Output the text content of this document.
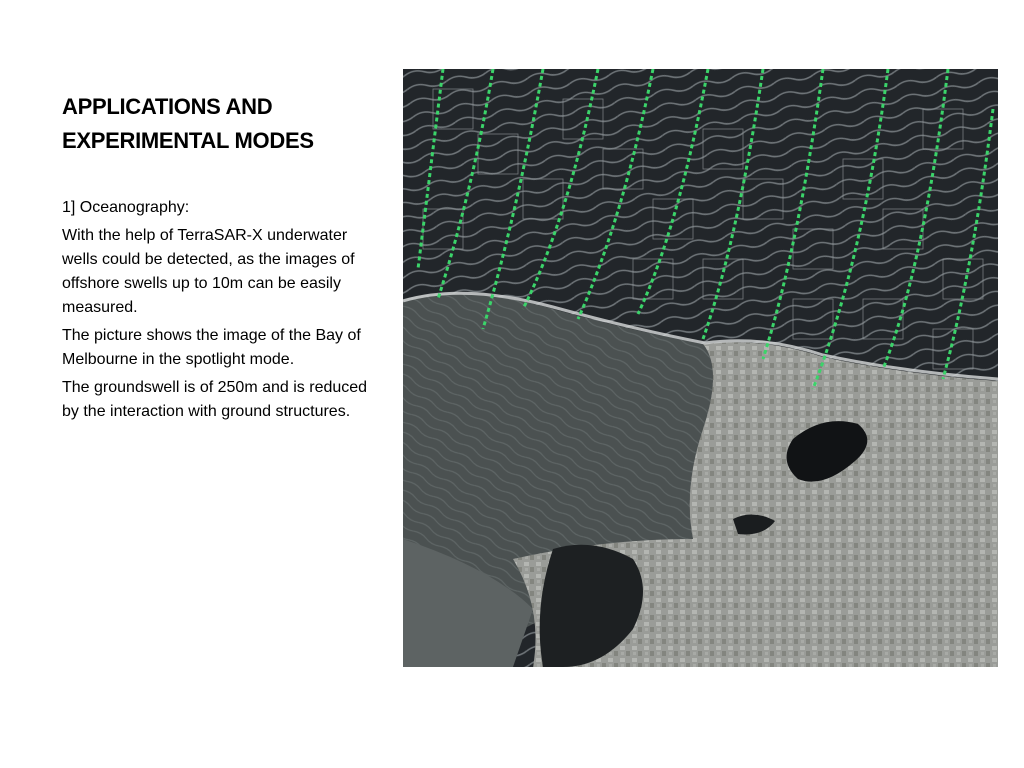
APPLICATIONS AND
EXPERIMENTAL MODES

1] Oceanography:

With the help of TerraSAR-X underwater wells could be detected, as the images of offshore swells up to 10m can be easily measured.

The picture shows the image of the Bay of Melbourne in the spotlight mode.

The groundswell is of 250m and is reduced by the interaction with ground structures.
